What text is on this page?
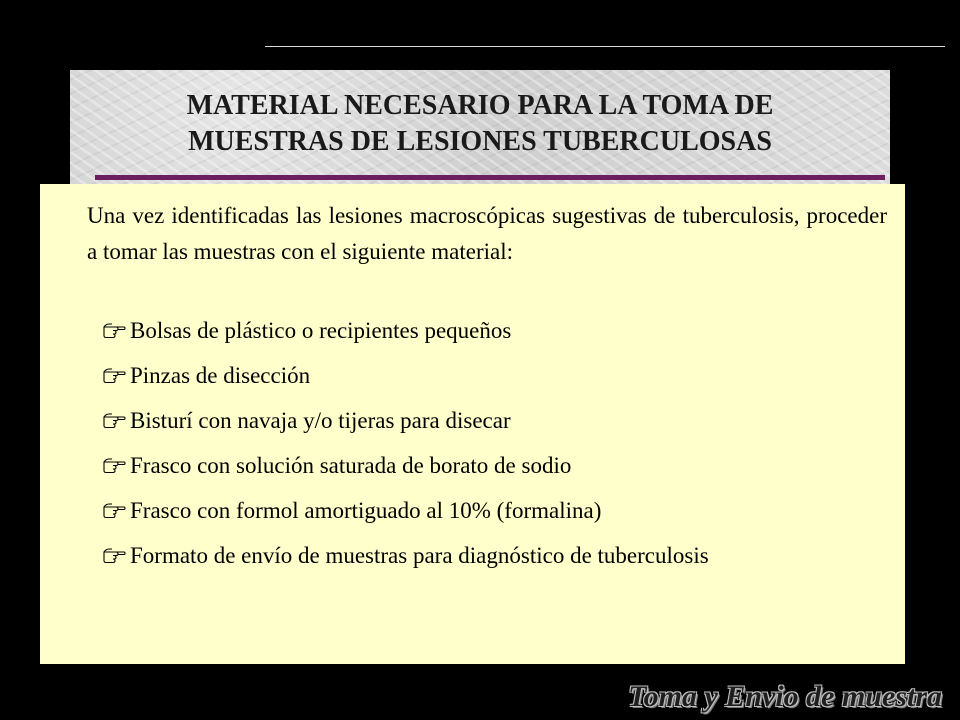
MATERIAL NECESARIO PARA LA TOMA DE
MUESTRAS DE LESIONES TUBERCULOSAS

Una vez identificadas las lesiones macroscópicas sugestivas de tuberculosis, proceder a tomar las muestras con el siguiente material:

Bolsas de plástico o recipientes pequeños
Pinzas de disección
Bisturí con navaja y/o tijeras para disecar
Frasco con solución saturada de borato de sodio
Frasco con formol amortiguado al 10% (formalina)
Formato de envío de muestras para diagnóstico de tuberculosis

Toma y Envio de muestra
